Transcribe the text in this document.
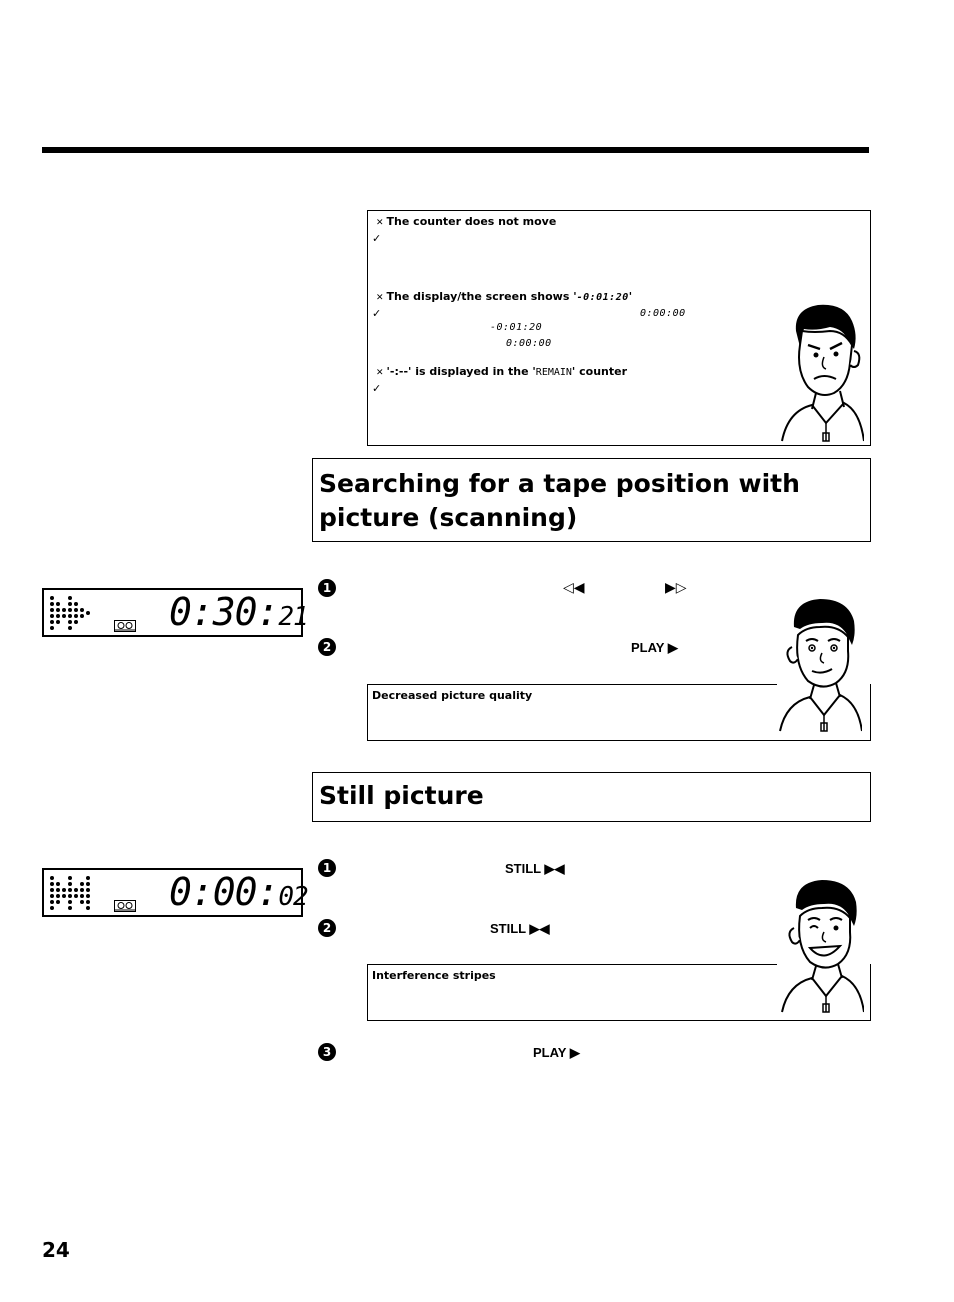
✕ The counter does not move
✓
✕ The display/the screen shows '-0:01:20'
✓	0:00:00
-0:01:20
0:00:00
✕ '-:--' is displayed in the 'REMAIN' counter
✓
Searching for a tape position with picture (scanning)
0:30:21
1	◁◀	▶▷
2	PLAY ▶
Decreased picture quality
Still picture
0:00:02
1	STILL ▶◀
2	STILL ▶◀
Interference stripes
3	PLAY ▶
24
